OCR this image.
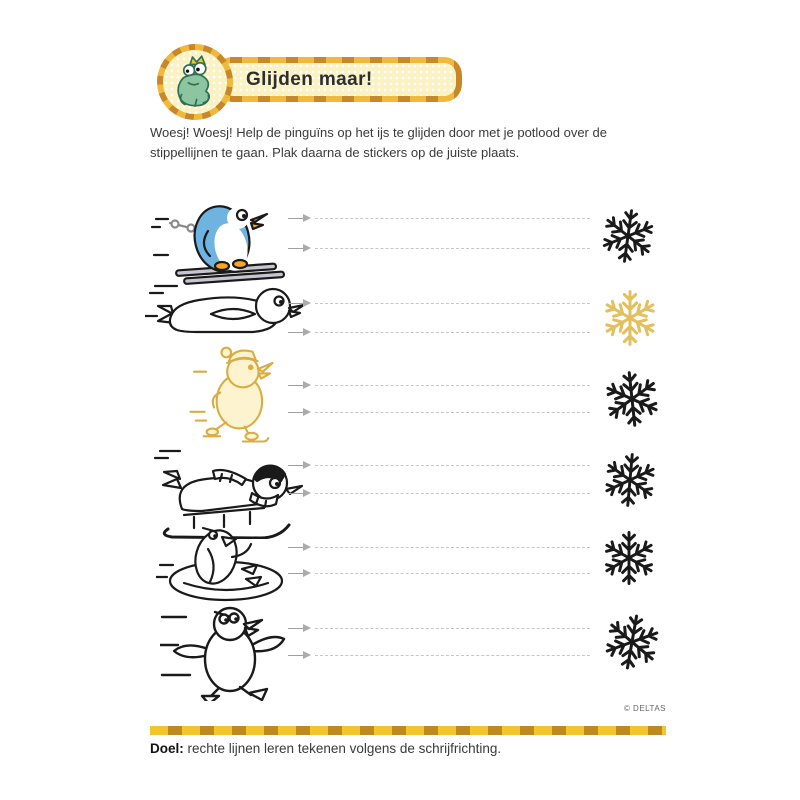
Glijden maar!
Woesj! Woesj! Help de pinguïns op het ijs te glijden door met je potlood over de stippellijnen te gaan. Plak daarna de stickers op de juiste plaats.
© DELTAS
Doel: rechte lijnen leren tekenen volgens de schrijfrichting.
